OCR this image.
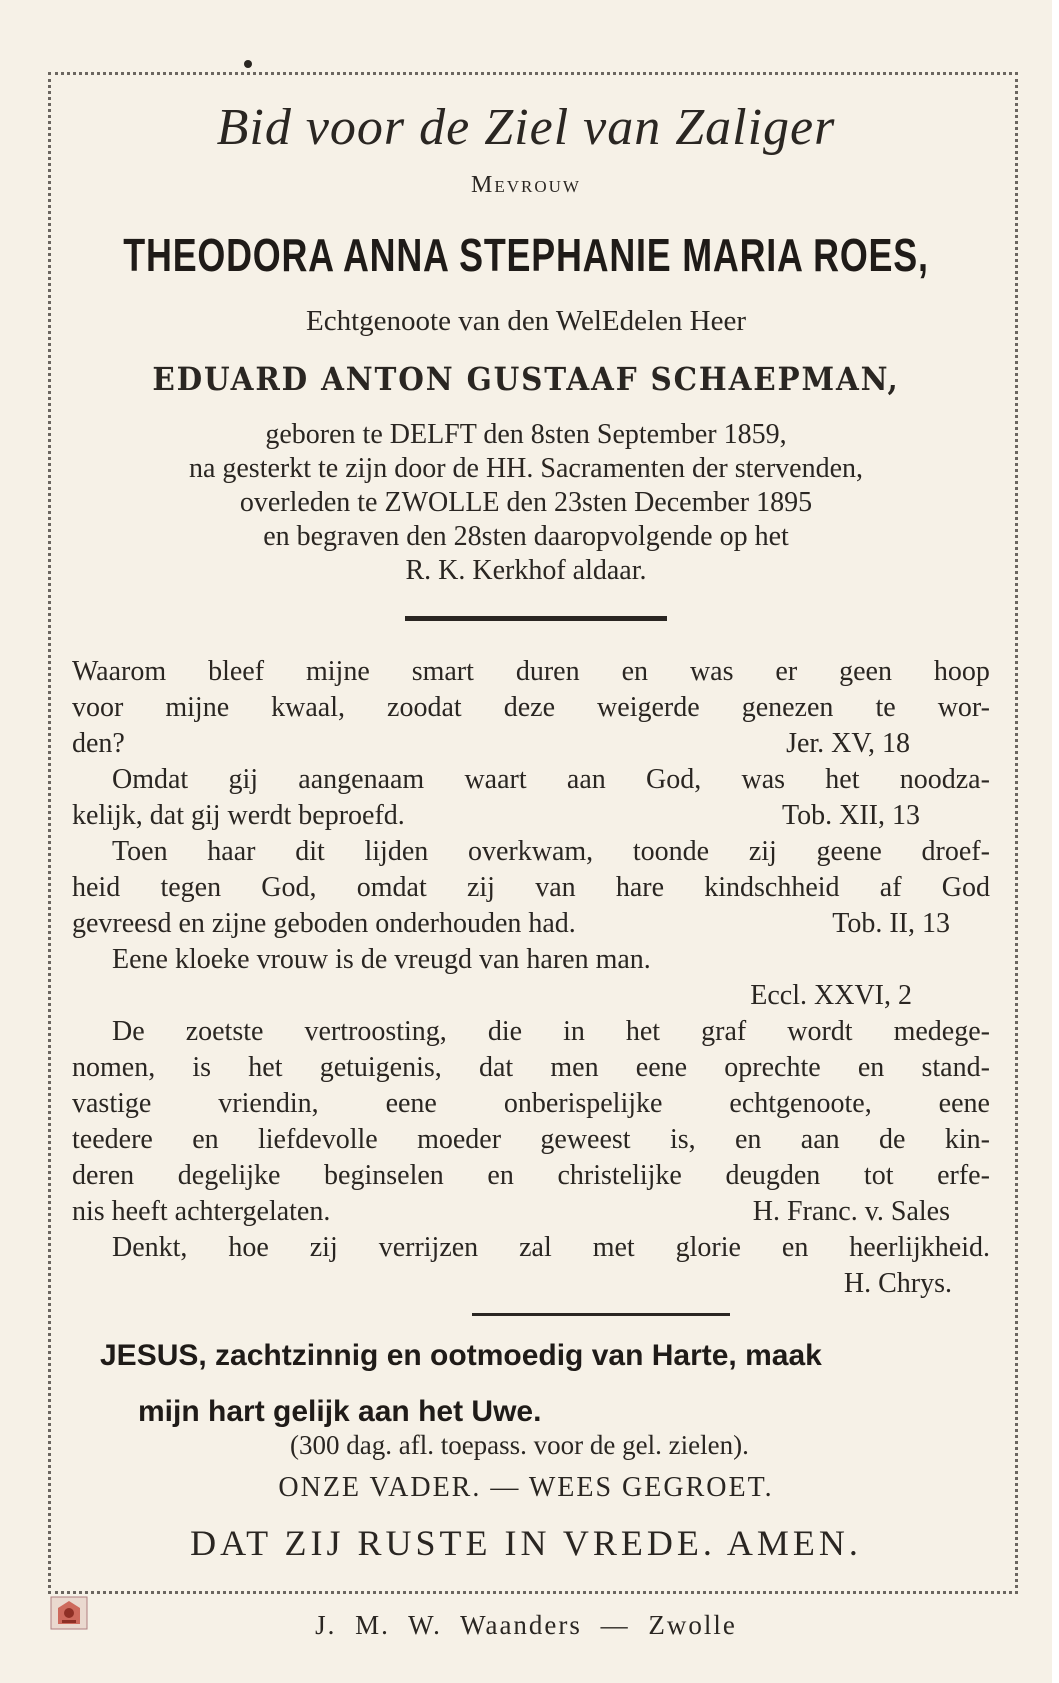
Bid voor de Ziel van Zaliger
Mevrouw
THEODORA ANNA STEPHANIE MARIA ROES,
Echtgenoote van den WelEdelen Heer
EDUARD ANTON GUSTAAF SCHAEPMAN,
geboren te DELFT den 8sten September 1859,
na gesterkt te zijn door de HH. Sacramenten der stervenden,
overleden te ZWOLLE den 23sten December 1895
en begraven den 28sten daaropvolgende op het
R. K. Kerkhof aldaar.
Waarom bleef mijne smart duren en was er geen hoop
voor mijne kwaal, zoodat deze weigerde genezen te wor-
den?	Jer. XV, 18
Omdat gij aangenaam waart aan God, was het noodza-
kelijk, dat gij werdt beproefd.	Tob. XII, 13
Toen haar dit lijden overkwam, toonde zij geene droef-
heid tegen God, omdat zij van hare kindschheid af God
gevreesd en zijne geboden onderhouden had.	Tob. II, 13
Eene kloeke vrouw is de vreugd van haren man.
Eccl. XXVI, 2
De zoetste vertroosting, die in het graf wordt medege-
nomen, is het getuigenis, dat men eene oprechte en stand-
vastige vriendin, eene onberispelijke echtgenoote, eene
teedere en liefdevolle moeder geweest is, en aan de kin-
deren degelijke beginselen en christelijke deugden tot erfe-
nis heeft achtergelaten.	H. Franc. v. Sales
Denkt, hoe zij verrijzen zal met glorie en heerlijkheid.
H. Chrys.
JESUS, zachtzinnig en ootmoedig van Harte, maak
mijn hart gelijk aan het Uwe.
(300 dag. afl. toepass. voor de gel. zielen).
ONZE VADER. — WEES GEGROET.
DAT ZIJ RUSTE IN VREDE. AMEN.
J. M. W. Waanders — Zwolle
